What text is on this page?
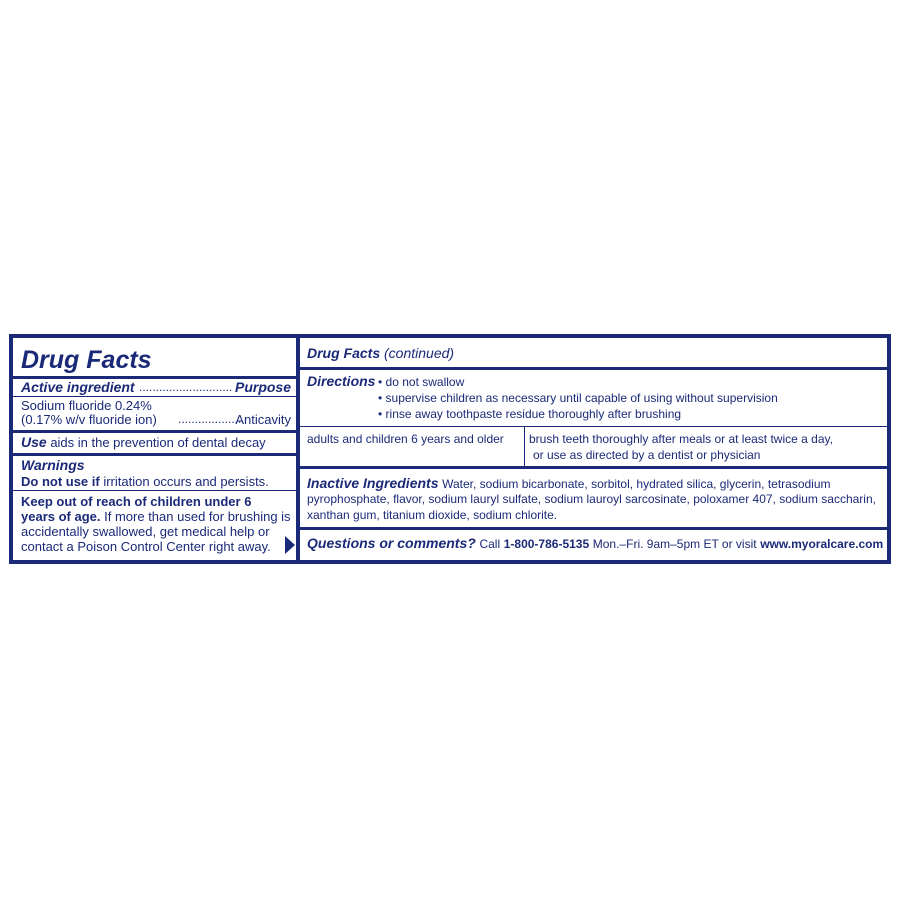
Drug Facts
Active ingredient ............................ Purpose
Sodium fluoride 0.24%
(0.17% w/v fluoride ion) ...................
Anticavity
Use aids in the prevention of dental decay
Warnings
Do not use if irritation occurs and persists.
Keep out of reach of children under 6
years of age. If more than used for brushing is
accidentally swallowed, get medical help or
contact a Poison Control Center right away.
Drug Facts (continued)
Directions • do not swallow
• supervise children as necessary until capable of using without supervision
• rinse away toothpaste residue thoroughly after brushing
adults and children 6 years and older brush teeth thoroughly after meals or at least twice a day,
or use as directed by a dentist or physician
Inactive Ingredients Water, sodium bicarbonate, sorbitol, hydrated silica, glycerin, tetrasodium
pyrophosphate, flavor, sodium lauryl sulfate, sodium lauroyl sarcosinate, poloxamer 407, sodium saccharin,
xanthan gum, titanium dioxide, sodium chlorite.
Questions or comments? Call 1-800-786-5135 Mon.–Fri. 9am–5pm ET or visit www.myoralcare.com
